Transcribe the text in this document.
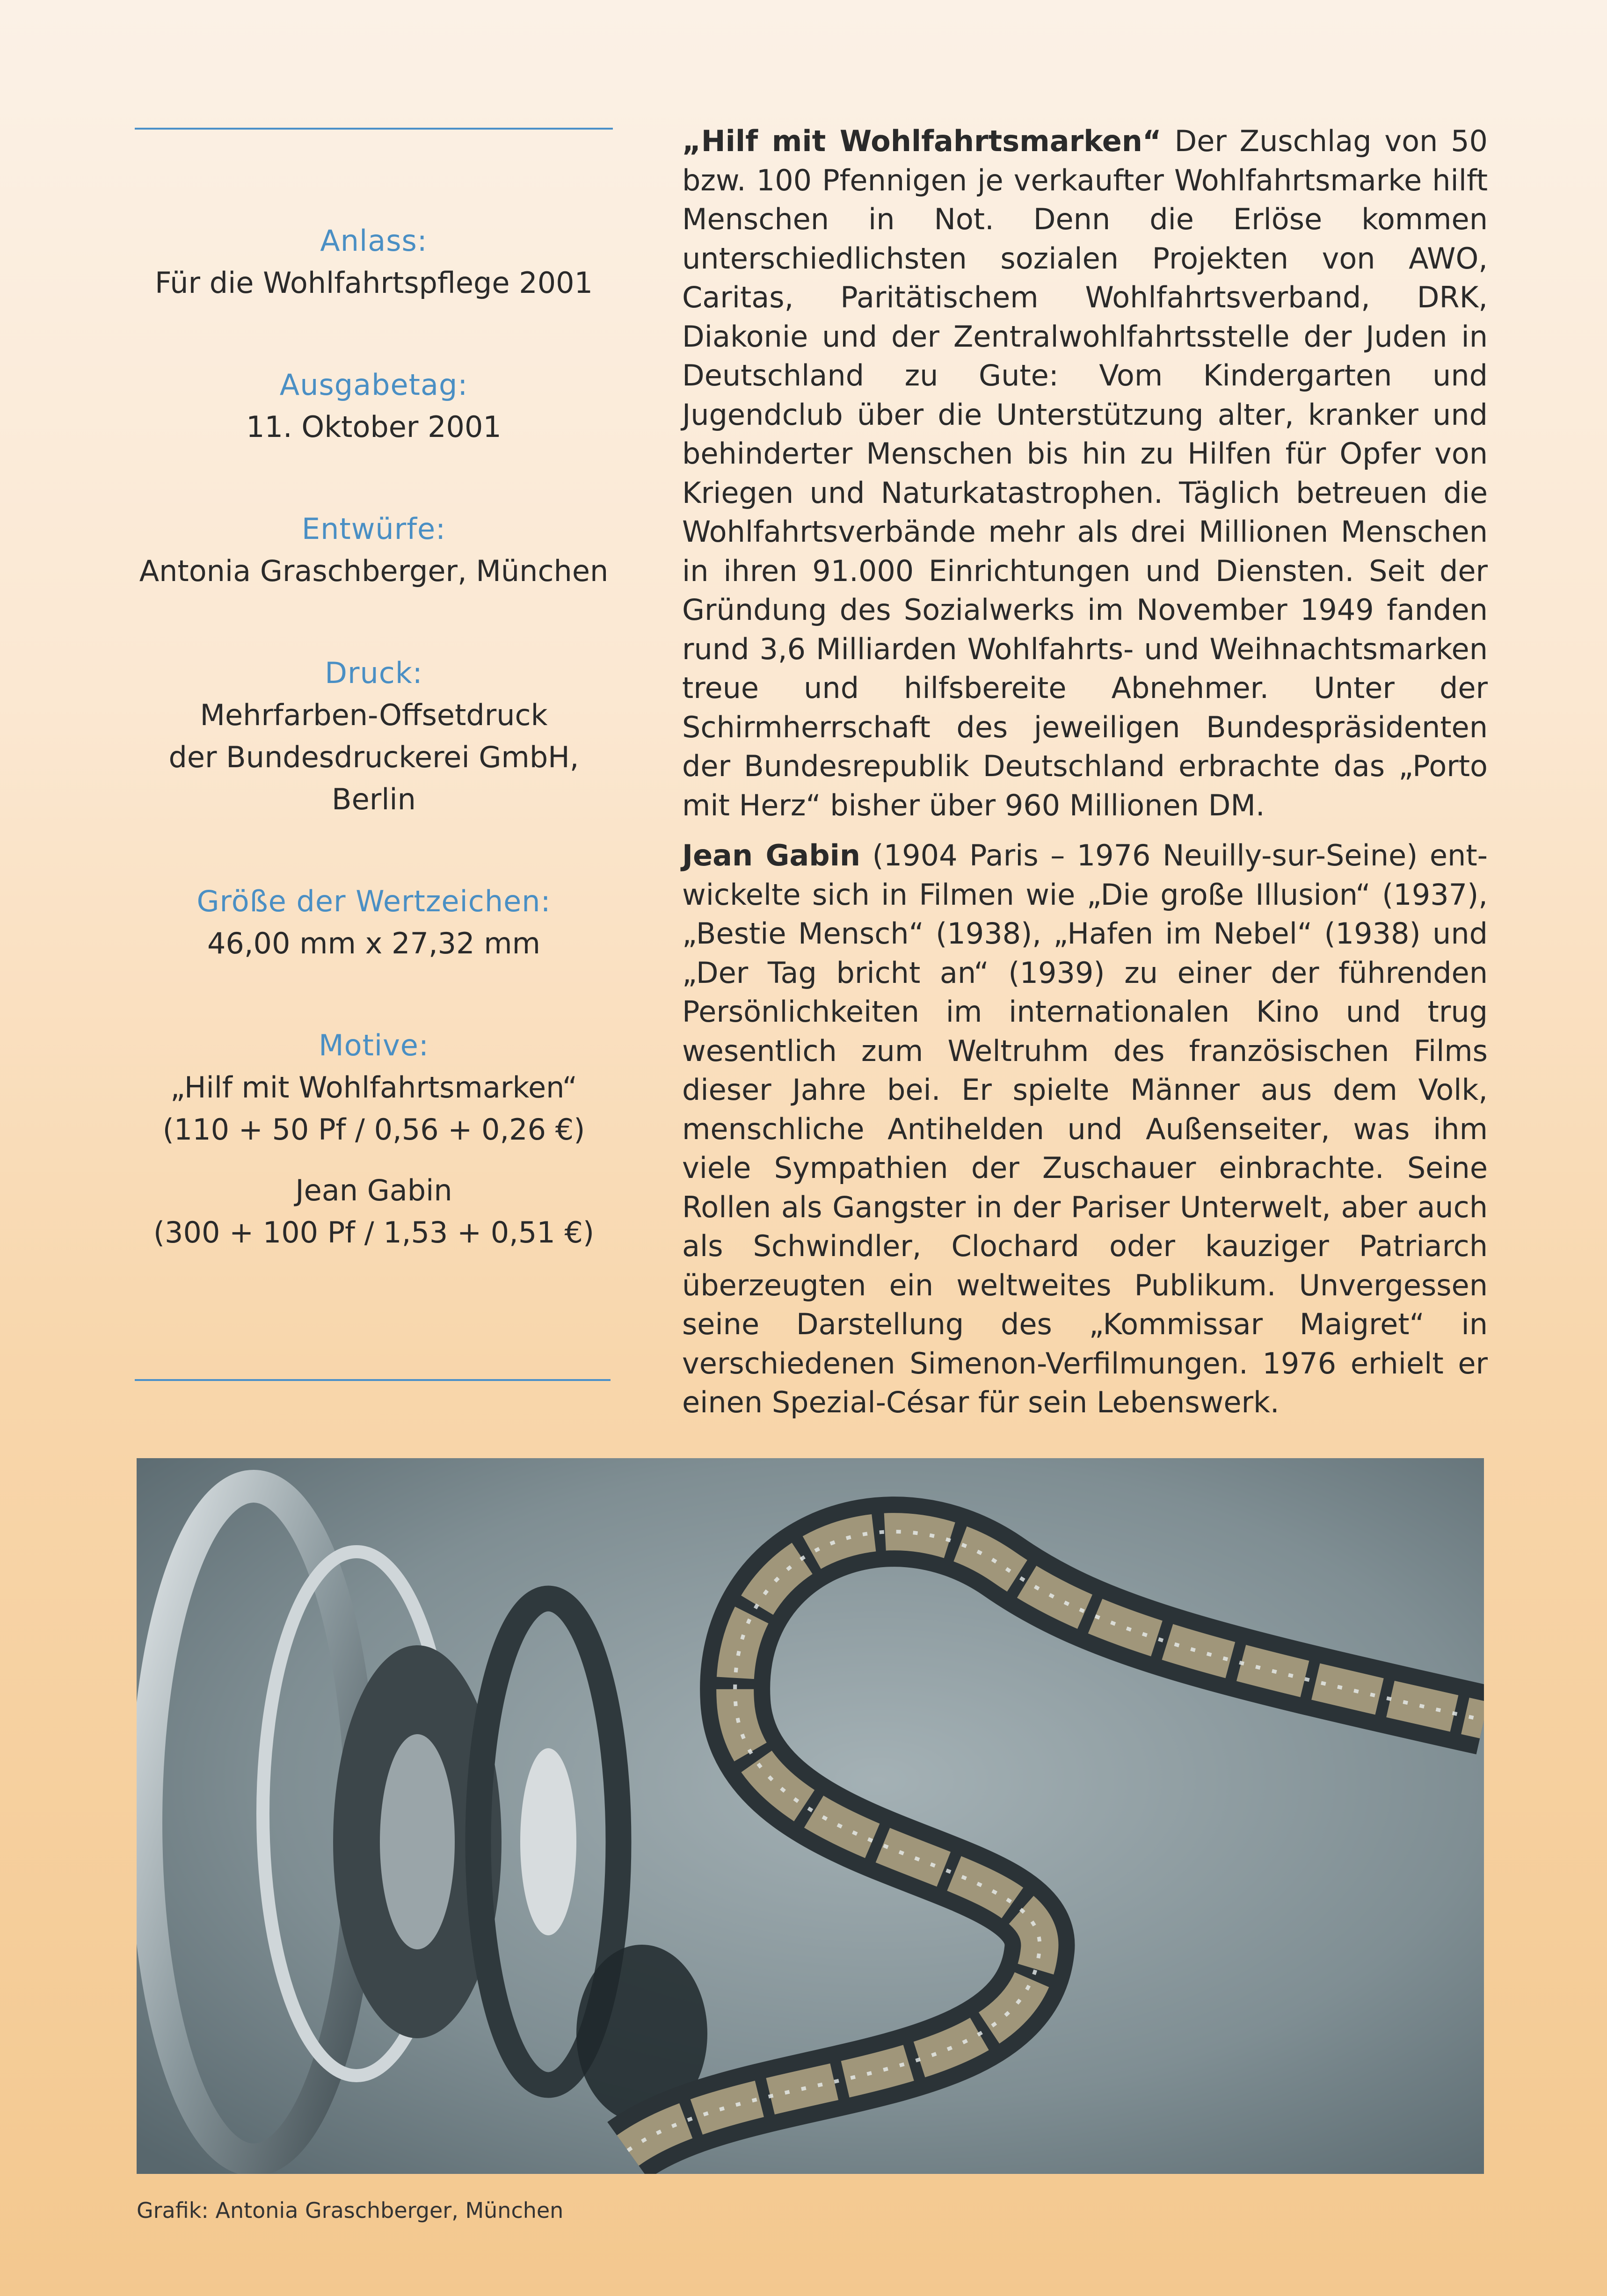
Anlass:
Für die Wohlfahrtspflege 2001
Ausgabetag:
11. Oktober 2001
Entwürfe:
Antonia Graschberger, München
Druck:
Mehrfarben-Offsetdruck
der Bundesdruckerei GmbH,
Berlin
Größe der Wertzeichen:
46,00 mm x 27,32 mm
Motive:
„Hilf mit Wohlfahrtsmarken“
(110 + 50 Pf / 0,56 + 0,26 €)
Jean Gabin
(300 + 100 Pf / 1,53 + 0,51 €)

„Hilf mit Wohlfahrtsmarken“ Der Zuschlag von 50 bzw. 100 Pfennigen je verkaufter Wohlfahrtsmarke hilft Menschen in Not. Denn die Erlöse kommen unterschiedlichsten sozialen Projekten von AWO, Caritas, Paritätischem Wohlfahrtsverband, DRK, Diakonie und der Zentralwohlfahrtsstelle der Juden in Deutschland zu Gute: Vom Kindergarten und Jugendclub über die Unterstützung alter, kranker und behinderter Menschen bis hin zu Hilfen für Opfer von Kriegen und Naturkatastrophen. Täglich betreuen die Wohlfahrtsverbände mehr als drei Millionen Menschen in ihren 91.000 Einrichtungen und Diensten. Seit der Gründung des Sozialwerks im November 1949 fanden rund 3,6 Milliarden Wohlfahrts- und Weihnachtsmarken treue und hilfsbereite Abnehmer. Unter der Schirmherrschaft des jeweiligen Bundespräsidenten der Bundesrepublik Deutschland erbrachte das „Porto mit Herz“ bisher über 960 Millionen DM.

Jean Gabin (1904 Paris – 1976 Neuilly-sur-Seine) entwickelte sich in Filmen wie „Die große Illusion“ (1937), „Bestie Mensch“ (1938), „Hafen im Nebel“ (1938) und „Der Tag bricht an“ (1939) zu einer der führenden Persönlichkeiten im internationalen Kino und trug wesentlich zum Weltruhm des französischen Films dieser Jahre bei. Er spielte Männer aus dem Volk, menschliche Antihelden und Außenseiter, was ihm viele Sympathien der Zuschauer einbrachte. Seine Rollen als Gangster in der Pariser Unterwelt, aber auch als Schwindler, Clochard oder kauziger Patriarch überzeugten ein weltweites Publikum. Unvergessen seine Darstellung des „Kommissar Maigret“ in verschiedenen Simenon-Verfilmungen. 1976 erhielt er einen Spezial-César für sein Lebenswerk.

Grafik: Antonia Graschberger, München
